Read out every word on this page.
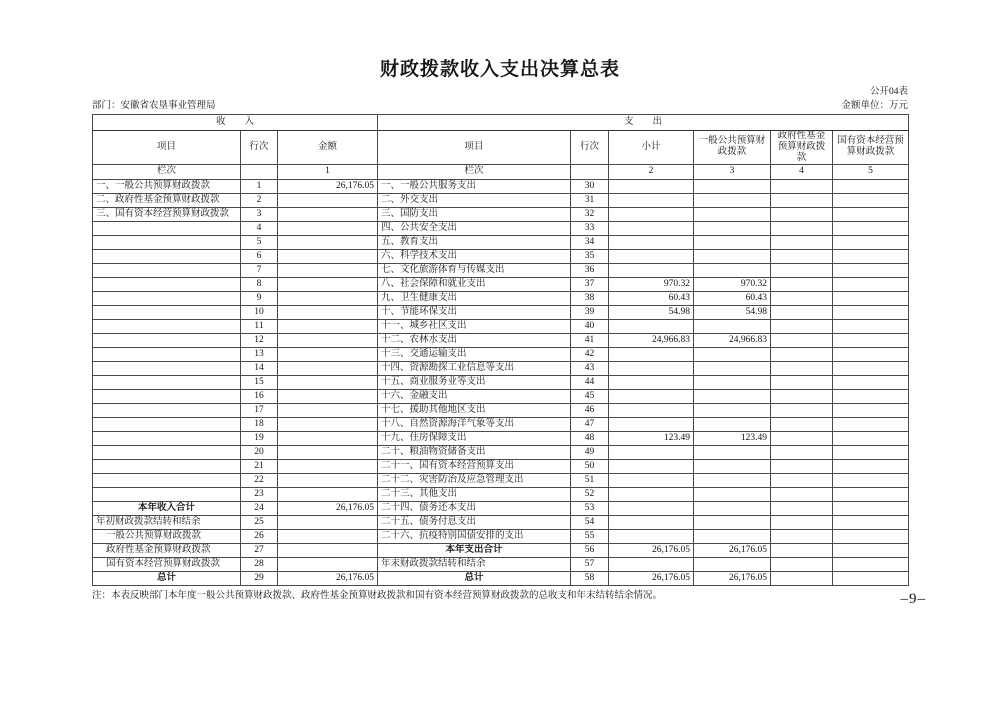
财政拨款收入支出决算总表
公开04表
部门：安徽省农垦事业管理局	金额单位：万元
收　　入			支　　出					
项目	行次	金额	项目	行次	小计	一般公共预算财政拨款	政府性基金预算财政拨款	国有资本经营预算财政拨款
栏次		1	栏次		2	3	4	5
一、一般公共预算财政拨款	1	26,176.05	一、一般公共服务支出	30				
二、政府性基金预算财政拨款	2		二、外交支出	31				
三、国有资本经营预算财政拨款	3		三、国防支出	32				
	4		四、公共安全支出	33				
	5		五、教育支出	34				
	6		六、科学技术支出	35				
	7		七、文化旅游体育与传媒支出	36				
	8		八、社会保障和就业支出	37	970.32	970.32		
	9		九、卫生健康支出	38	60.43	60.43		
	10		十、节能环保支出	39	54.98	54.98		
	11		十一、城乡社区支出	40				
	12		十二、农林水支出	41	24,966.83	24,966.83		
	13		十三、交通运输支出	42				
	14		十四、资源勘探工业信息等支出	43				
	15		十五、商业服务业等支出	44				
	16		十六、金融支出	45				
	17		十七、援助其他地区支出	46				
	18		十八、自然资源海洋气象等支出	47				
	19		十九、住房保障支出	48	123.49	123.49		
	20		二十、粮油物资储备支出	49				
	21		二十一、国有资本经营预算支出	50				
	22		二十二、灾害防治及应急管理支出	51				
	23		二十三、其他支出	52				
本年收入合计	24	26,176.05	二十四、债务还本支出	53				
年初财政拨款结转和结余	25		二十五、债务付息支出	54				
一般公共预算财政拨款	26		二十六、抗疫特别国债安排的支出	55				
政府性基金预算财政拨款	27		本年支出合计	56	26,176.05	26,176.05		
国有资本经营预算财政拨款	28		年末财政拨款结转和结余	57				
总计	29	26,176.05	总计	58	26,176.05	26,176.05		
注：本表反映部门本年度一般公共预算财政拨款、政府性基金预算财政拨款和国有资本经营预算财政拨款的总收支和年末结转结余情况。	–9–
